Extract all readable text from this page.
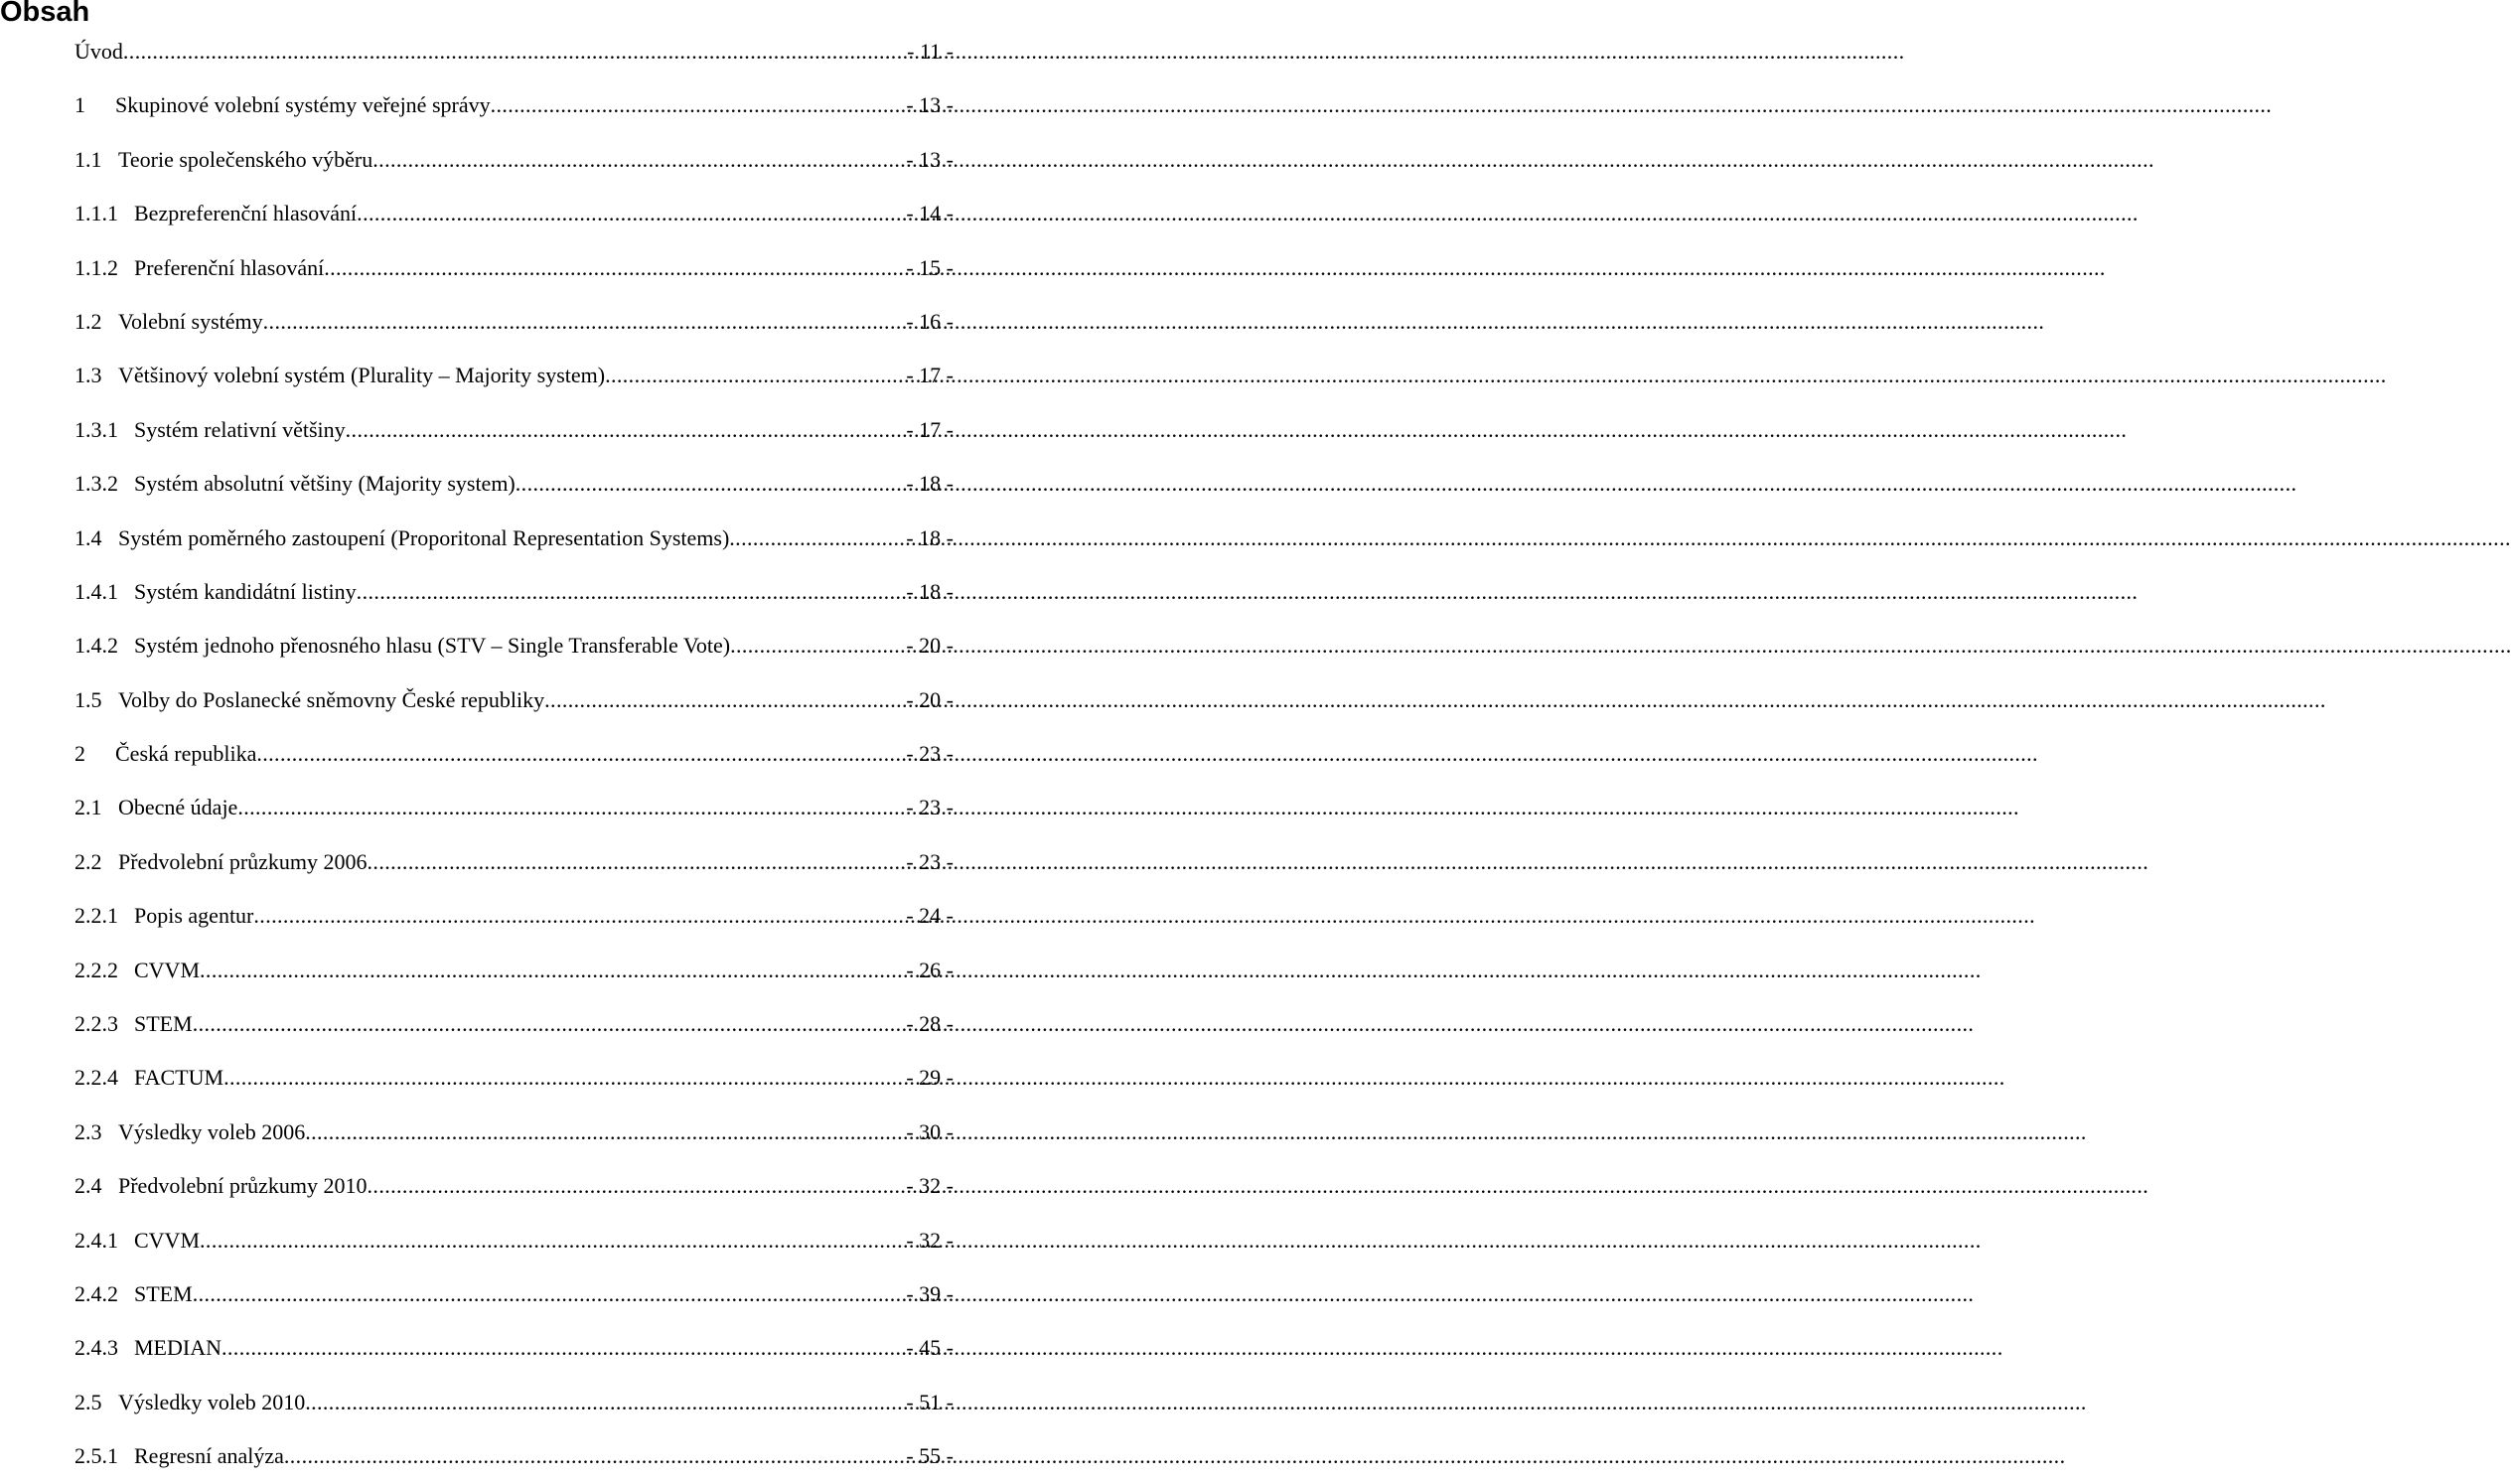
Obsah
Úvod .....	- 11 -
1	Skupinové volební systémy veřejné správy .....	- 13 -
1.1 Teorie společenského výběru .....	- 13 -
1.1.1 Bezpreferenční hlasování .....	- 14 -
1.1.2 Preferenční hlasování .....	- 15 -
1.2 Volební systémy .....	- 16 -
1.3 Většinový volební systém (Plurality – Majority system) .....	- 17 -
1.3.1 Systém relativní většiny .....	- 17 -
1.3.2 Systém absolutní většiny (Majority system) .....	- 18 -
1.4 Systém poměrného zastoupení (Proporitonal Representation Systems) .....	- 18 -
1.4.1 Systém kandidátní listiny .....	- 18 -
1.4.2 Systém jednoho přenosného hlasu (STV – Single Transferable Vote) .....	- 20 -
1.5 Volby do Poslanecké sněmovny České republiky .....	- 20 -
2	Česká republika .....	- 23 -
2.1 Obecné údaje .....	- 23 -
2.2 Předvolební průzkumy 2006 .....	- 23 -
2.2.1 Popis agentur .....	- 24 -
2.2.2 CVVM .....	- 26 -
2.2.3 STEM .....	- 28 -
2.2.4 FACTUM .....	- 29 -
2.3 Výsledky voleb 2006 .....	- 30 -
2.4 Předvolební průzkumy 2010 .....	- 32 -
2.4.1 CVVM .....	- 32 -
2.4.2 STEM .....	- 39 -
2.4.3 MEDIAN .....	- 45 -
2.5 Výsledky voleb 2010 .....	- 51 -
2.5.1 Regresní analýza .....	- 55 -
